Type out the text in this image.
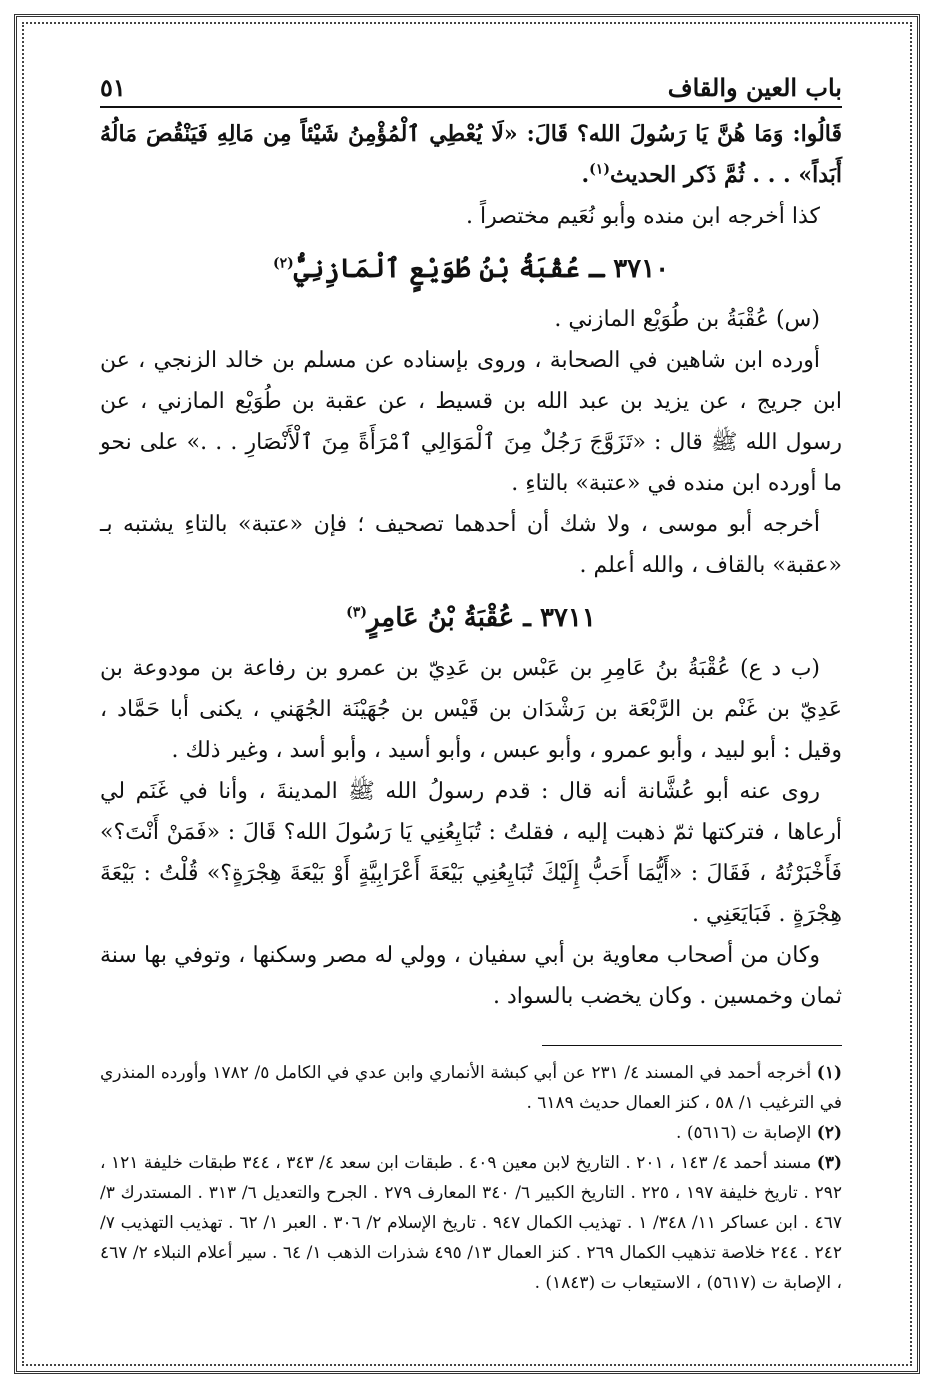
باب العين والقاف
٥١

قَالُوا: وَمَا هُنَّ يَا رَسُولَ الله؟ قَالَ: «لَا يُعْطِي ٱلْمُؤْمِنُ شَيْئاً مِن مَالِهِ فَيَنْقُصَ مَالُهُ أَبَداً» . . . ثُمَّ ذَكر الحديث$^{(١)}$.

كذا أخرجه ابن منده وأبو نُعَيم مختصراً .

٣٧١٠ ـ عُقْبَةُ بْنُ طُوَيْعٍ ٱلْمَازِنِيُّ$^{(٢)}$

(س) عُقْبَةُ بن طُوَيْع المازني .

أورده ابن شاهين في الصحابة ، وروى بإسناده عن مسلم بن خالد الزنجي ، عن ابن جريج ، عن يزيد بن عبد الله بن قسيط ، عن عقبة بن طُوَيْع المازني ، عن رسول الله ﷺ قال : «تَزَوَّجَ رَجُلٌ مِنَ ٱلْمَوَالِي ٱمْرَأَةً مِنَ ٱلْأَنْصَارِ . . .» على نحو ما أورده ابن منده في «عتبة» بالتاءِ .

أخرجه أبو موسى ، ولا شك أن أحدهما تصحيف ؛ فإن «عتبة» بالتاءِ يشتبه بـ «عقبة» بالقاف ، والله أعلم .

٣٧١١ ـ عُقْبَةُ بْنُ عَامِرٍ$^{(٣)}$

(ب د ع) عُقْبَةُ بنُ عَامِرِ بن عَبْس بن عَدِيّ بن عمرو بن رفاعة بن مودوعة بن عَدِيّ بن غَنْم بن الرَّبْعَة بن رَشْدَان بن قَيْس بن جُهَيْنَة الجُهَني ، يكنى أبا حَمَّاد ، وقيل : أبو لبيد ، وأبو عمرو ، وأبو عبس ، وأبو أسيد ، وأبو أسد ، وغير ذلك .

روى عنه أبو عُشَّانة أنه قال : قدم رسولُ الله ﷺ المدينةَ ، وأنا في غَنَم لي أرعاها ، فتركتها ثمّ ذهبت إليه ، فقلتُ : تُبَايِعُنِي يَا رَسُولَ الله؟ قَالَ : «فَمَنْ أَنْتَ؟» فَأَخْبَرْتُهُ ، فَقَالَ : «أَيُّمَا أَحَبُّ إِلَيْكَ تُبَايِعُنِي بَيْعَةَ أَعْرَابِيَّةٍ أَوْ بَيْعَةَ هِجْرَةٍ؟» قُلْتُ : بَيْعَةَ هِجْرَةٍ . فَبَايَعَنِي .

وكان من أصحاب معاوية بن أبي سفيان ، وولي له مصر وسكنها ، وتوفي بها سنة ثمان وخمسين . وكان يخضب بالسواد .

(١) أخرجه أحمد في المسند ٤/ ٢٣١ عن أبي كبشة الأنماري وابن عدي في الكامل ٥/ ١٧٨٢ وأورده المنذري في الترغيب ١/ ٥٨ ، كنز العمال حديث ٦١٨٩ .

(٢) الإصابة ت (٥٦١٦) .

(٣) مسند أحمد ٤/ ١٤٣ ، ٢٠١ . التاريخ لابن معين ٤٠٩ . طبقات ابن سعد ٤/ ٣٤٣ ، ٣٤٤ طبقات خليفة ١٢١ ، ٢٩٢ . تاريخ خليفة ١٩٧ ، ٢٢٥ . التاريخ الكبير ٦/ ٣٤٠ المعارف ٢٧٩ . الجرح والتعديل ٦/ ٣١٣ . المستدرك ٣/ ٤٦٧ . ابن عساكر ١١/ ٣٤٨/ ١ . تهذيب الكمال ٩٤٧ . تاريخ الإسلام ٢/ ٣٠٦ . العبر ١/ ٦٢ . تهذيب التهذيب ٧/ ٢٤٢ . ٢٤٤ خلاصة تذهيب الكمال ٢٦٩ . كنز العمال ١٣/ ٤٩٥ شذرات الذهب ١/ ٦٤ . سير أعلام النبلاء ٢/ ٤٦٧ ، الإصابة ت (٥٦١٧) ، الاستيعاب ت (١٨٤٣) .
